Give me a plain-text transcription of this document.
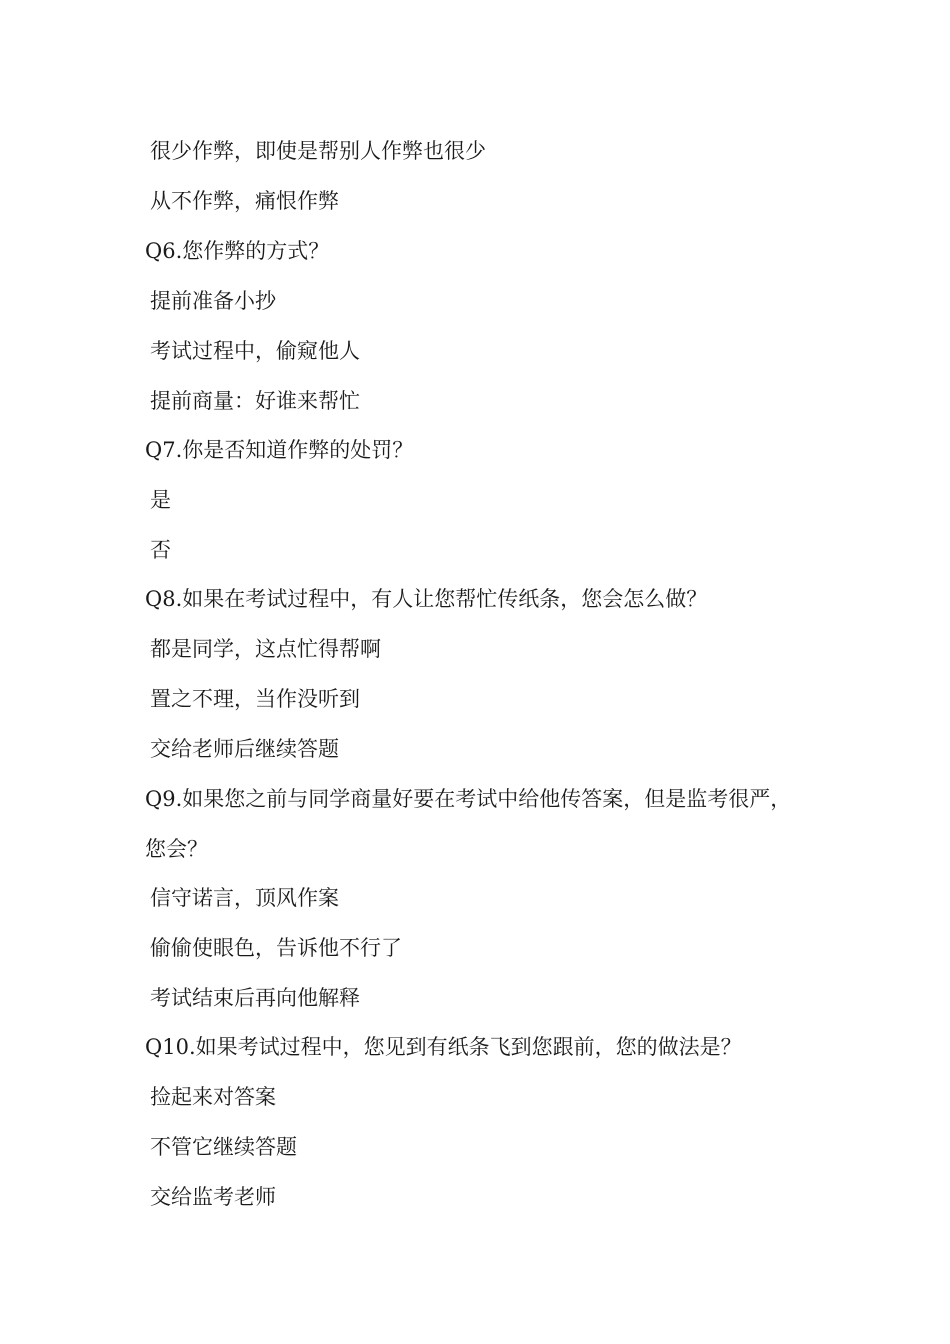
很少作弊，即使是帮别人作弊也很少
从不作弊，痛恨作弊
Q6.您作弊的方式？
提前准备小抄
考试过程中，偷窥他人
提前商量：好谁来帮忙
Q7.你是否知道作弊的处罚？
是
否
Q8.如果在考试过程中，有人让您帮忙传纸条，您会怎么做？
都是同学，这点忙得帮啊
置之不理，当作没听到
交给老师后继续答题
Q9.如果您之前与同学商量好要在考试中给他传答案，但是监考很严，
您会？
信守诺言，顶风作案
偷偷使眼色，告诉他不行了
考试结束后再向他解释
Q10.如果考试过程中，您见到有纸条飞到您跟前，您的做法是？
捡起来对答案
不管它继续答题
交给监考老师
